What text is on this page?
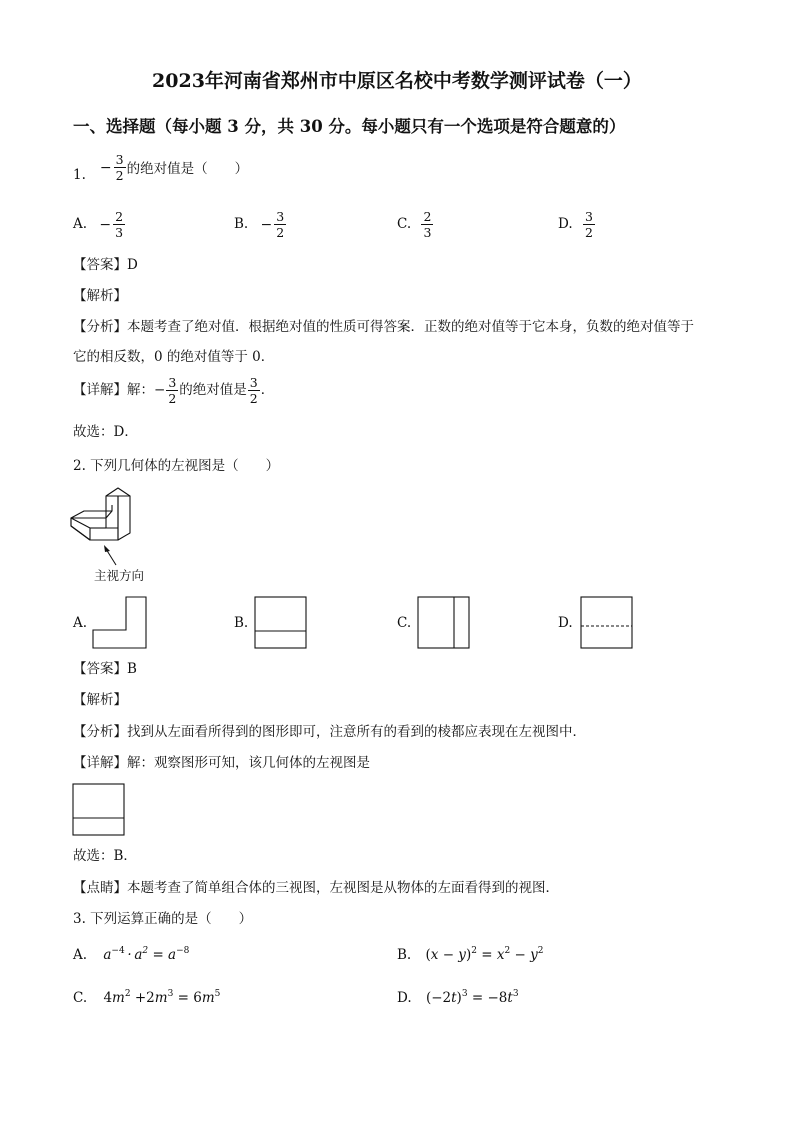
2023年河南省郑州市中原区名校中考数学测评试卷（一）
一、选择题（每小题 3 分，共 30 分。每小题只有一个选项是符合题意的）
1. − $\frac{3}{2}$ 的绝对值是（　　）
A. − $\frac{2}{3}$	B. − $\frac{3}{2}$	C. $\frac{2}{3}$	D. $\frac{3}{2}$
【答案】D
【解析】
【分析】本题考查了绝对值．根据绝对值的性质可得答案．正数的绝对值等于它本身，负数的绝对值等于
它的相反数，0 的绝对值等于 0．
【详解】解：− $\frac{3}{2}$ 的绝对值是 $\frac{3}{2}$ ．
故选：D．
2. 下列几何体的左视图是（　　）
主视方向
A.	B.	C.	D.
【答案】B
【解析】
【分析】找到从左面看所得到的图形即可，注意所有的看到的棱都应表现在左视图中．
【详解】解：观察图形可知，该几何体的左视图是
故选：B．
【点睛】本题考查了简单组合体的三视图，左视图是从物体的左面看得到的视图．
3. 下列运算正确的是（　　）
A. $a^{-4} \cdot a^2 = a^{-8}$	B. $(x - y)^2 = x^2 - y^2$
C. $4m^2 +2m^3 = 6m^5$	D. $(-2t)^3 = -8t^3$
